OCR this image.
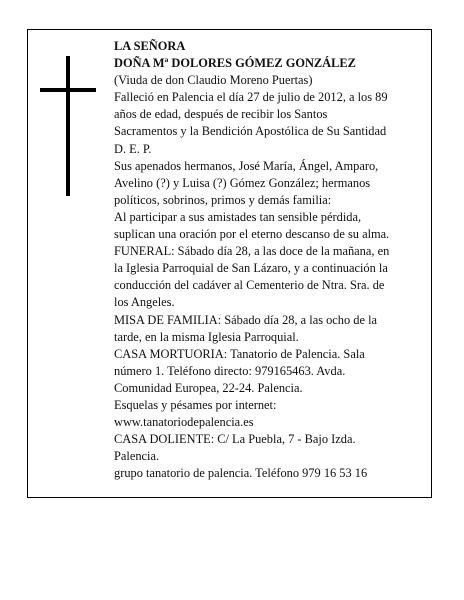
LA SEÑORA
DOÑA Mª DOLORES GÓMEZ GONZÁLEZ
(Viuda de don Claudio Moreno Puertas)
Falleció en Palencia el día 27 de julio de 2012, a los 89
años de edad, después de recibir los Santos
Sacramentos y la Bendición Apostólica de Su Santidad
D. E. P.
Sus apenados hermanos, José María, Ángel, Amparo,
Avelino (?) y Luisa (?) Gómez González; hermanos
políticos, sobrinos, primos y demás familia:
Al participar a sus amistades tan sensible pérdida,
suplican una oración por el eterno descanso de su alma.
FUNERAL: Sábado día 28, a las doce de la mañana, en
la Iglesia Parroquial de San Lázaro, y a continuación la
conducción del cadáver al Cementerio de Ntra. Sra. de
los Angeles.
MISA DE FAMILIA: Sábado día 28, a las ocho de la
tarde, en la misma Iglesia Parroquial.
CASA MORTUORIA: Tanatorio de Palencia. Sala
número 1. Teléfono directo: 979165463. Avda.
Comunidad Europea, 22-24. Palencia.
Esquelas y pésames por internet:
www.tanatoriodepalencia.es
CASA DOLIENTE: C/ La Puebla, 7 - Bajo Izda.
Palencia.
grupo tanatorio de palencia. Teléfono 979 16 53 16
